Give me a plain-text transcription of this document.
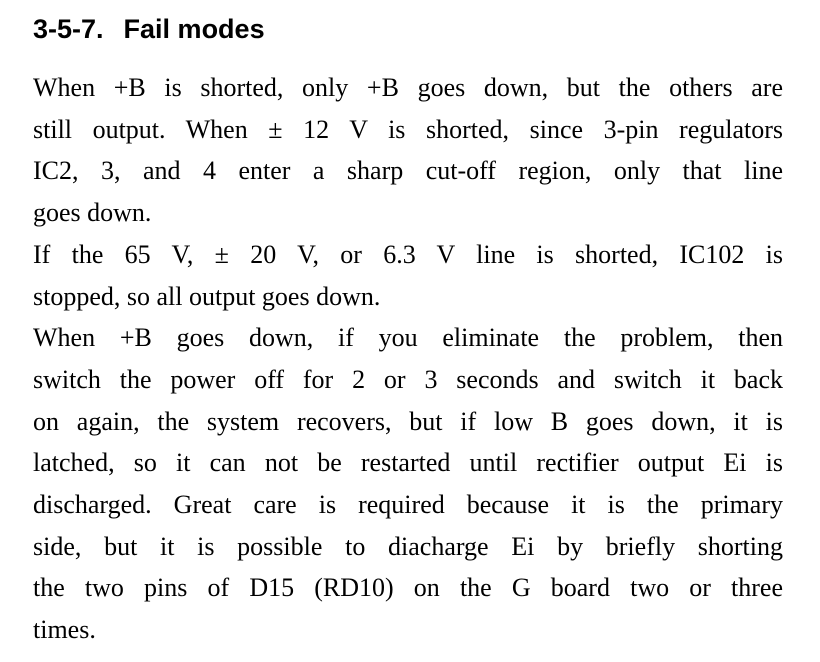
3-5-7. Fail modes
When +B is shorted, only +B goes down, but the others are
still output. When ± 12 V is shorted, since 3-pin regulators
IC2, 3, and 4 enter a sharp cut-off region, only that line
goes down.
If the 65 V, ± 20 V, or 6.3 V line is shorted, IC102 is
stopped, so all output goes down.
When +B goes down, if you eliminate the problem, then
switch the power off for 2 or 3 seconds and switch it back
on again, the system recovers, but if low B goes down, it is
latched, so it can not be restarted until rectifier output Ei is
discharged. Great care is required because it is the primary
side, but it is possible to diacharge Ei by briefly shorting
the two pins of D15 (RD10) on the G board two or three
times.
